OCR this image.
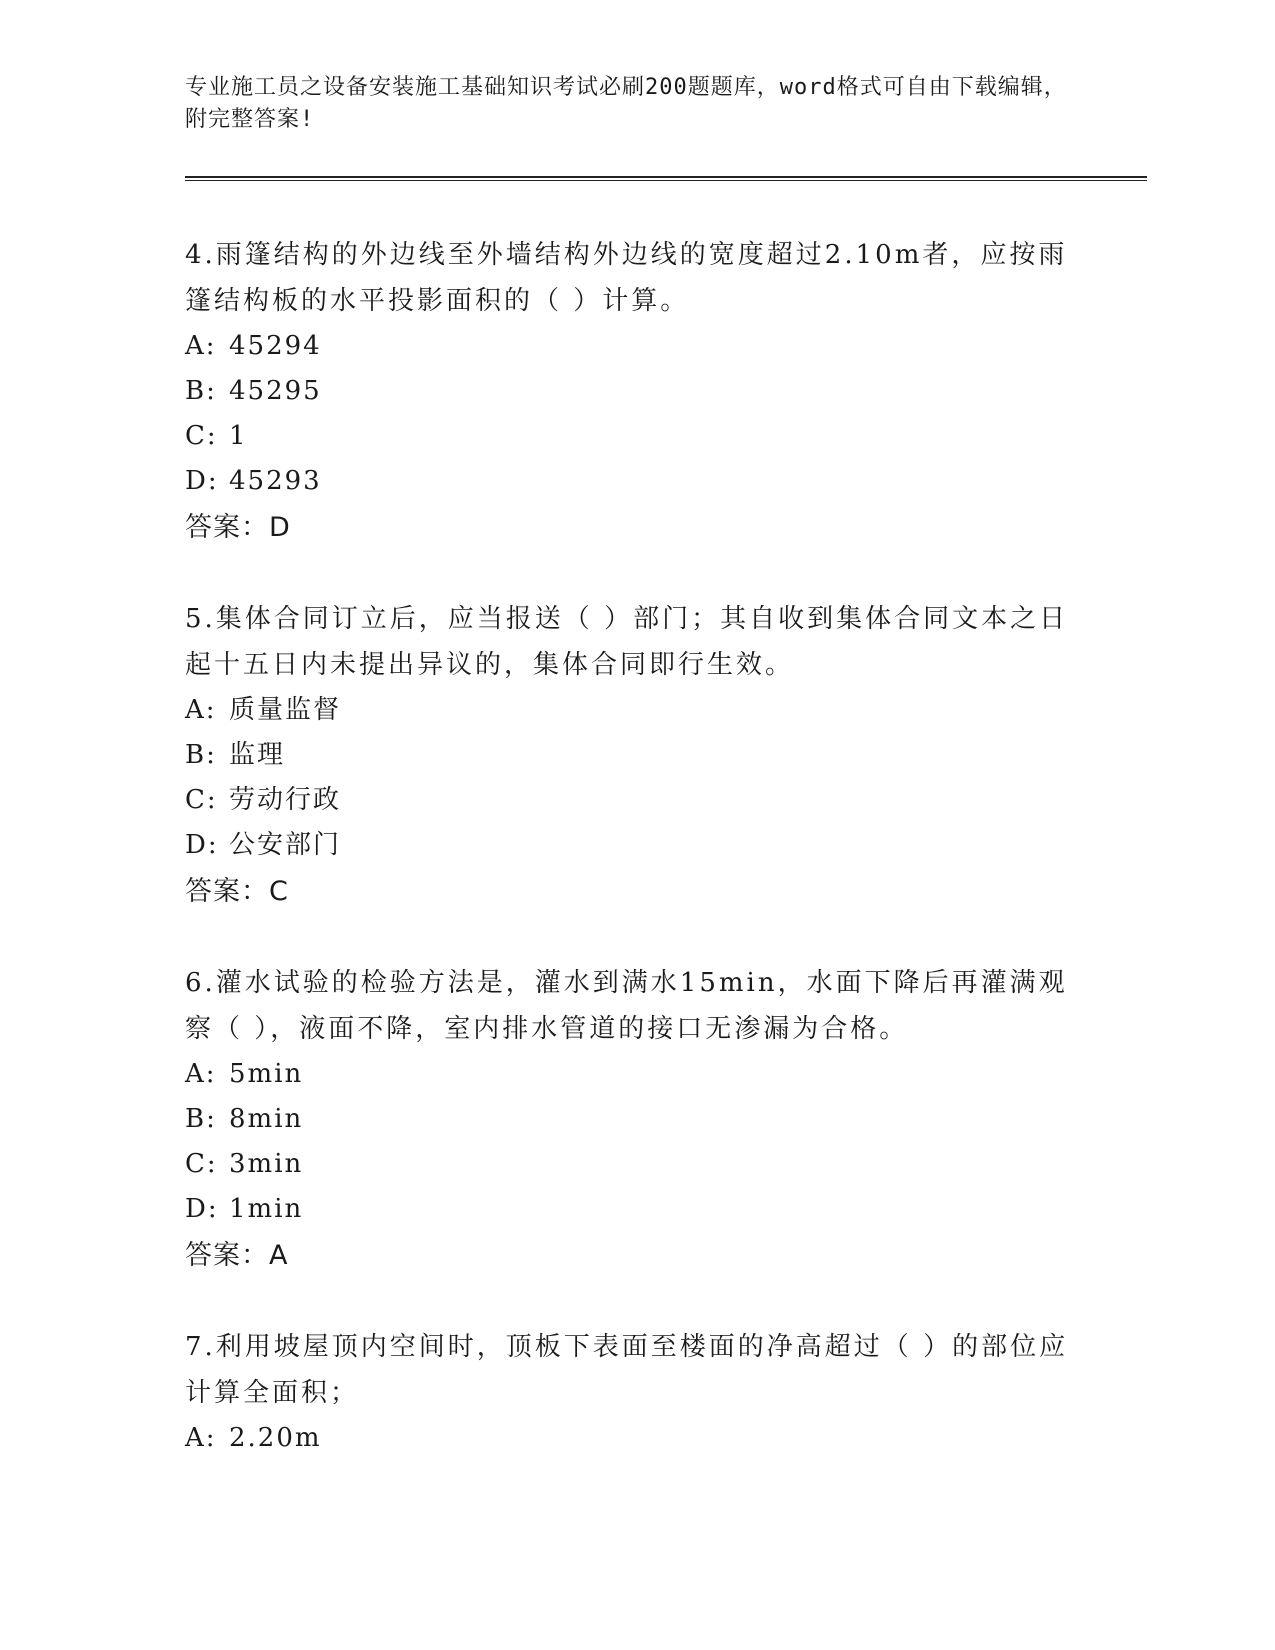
专业施工员之设备安装施工基础知识考试必刷200题题库，word格式可自由下载编辑，附完整答案!

4.雨篷结构的外边线至外墙结构外边线的宽度超过2.10m者，应按雨篷结构板的水平投影面积的（ ）计算。

A: 45294

B: 45295

C: 1

D: 45293

答案：D

5.集体合同订立后，应当报送（ ）部门；其自收到集体合同文本之日起十五日内未提出异议的，集体合同即行生效。

A: 质量监督

B: 监理

C: 劳动行政

D: 公安部门

答案：C

6.灌水试验的检验方法是，灌水到满水15min，水面下降后再灌满观察（ ），液面不降，室内排水管道的接口无渗漏为合格。

A: 5min

B: 8min

C: 3min

D: 1min

答案：A

7.利用坡屋顶内空间时，顶板下表面至楼面的净高超过（ ）的部位应计算全面积；

A: 2.20m
